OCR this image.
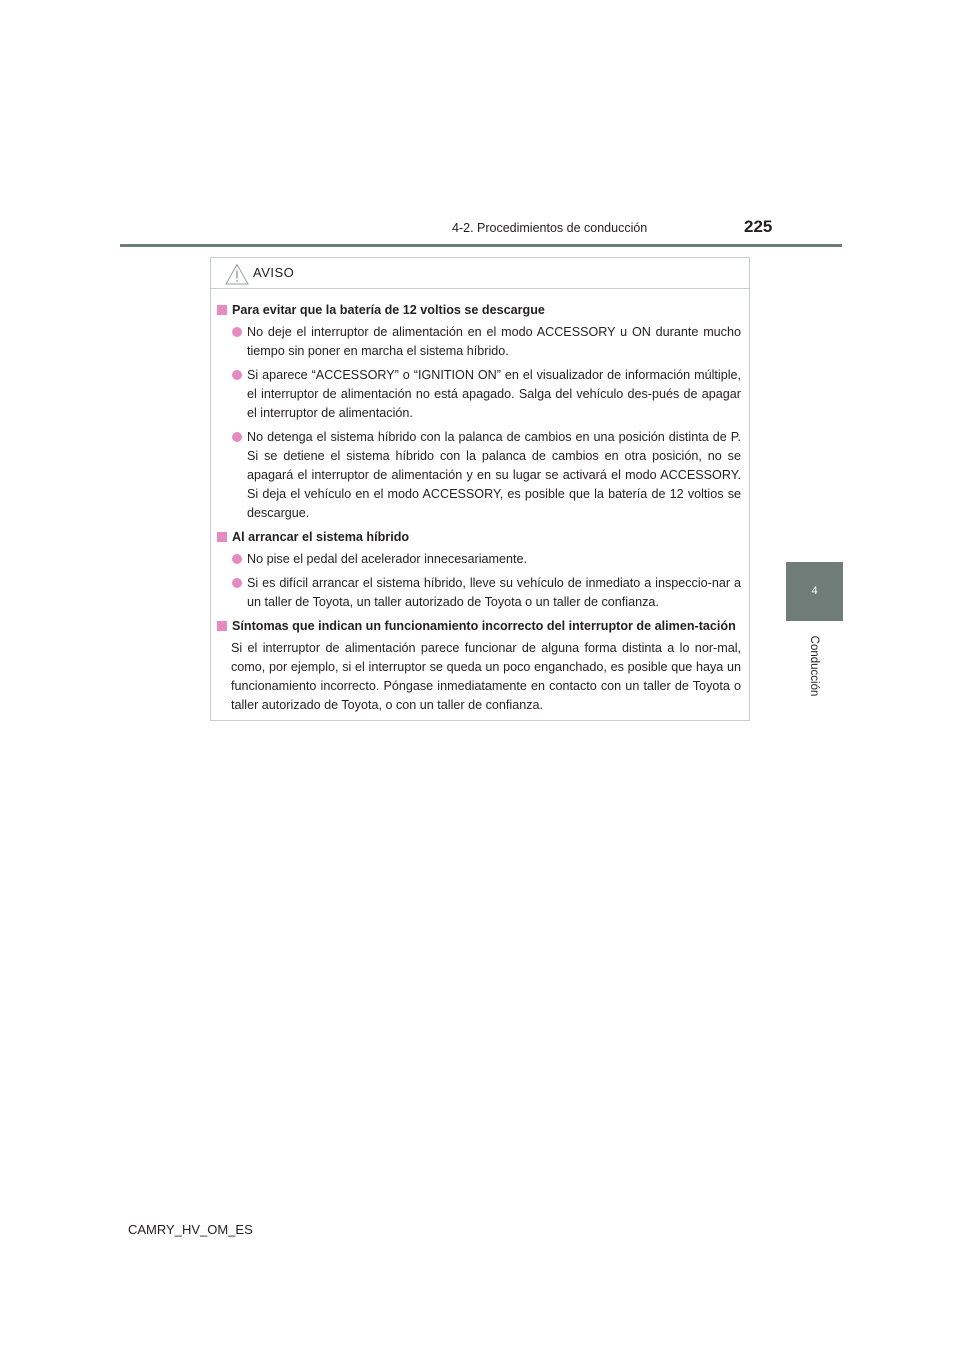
4-2. Procedimientos de conducción	225
4
Conducción
AVISO
Para evitar que la batería de 12 voltios se descargue
No deje el interruptor de alimentación en el modo ACCESSORY u ON durante mucho tiempo sin poner en marcha el sistema híbrido.
Si aparece “ACCESSORY” o “IGNITION ON” en el visualizador de información múltiple, el interruptor de alimentación no está apagado. Salga del vehículo des-pués de apagar el interruptor de alimentación.
No detenga el sistema híbrido con la palanca de cambios en una posición distinta de P. Si se detiene el sistema híbrido con la palanca de cambios en otra posición, no se apagará el interruptor de alimentación y en su lugar se activará el modo ACCESSORY. Si deja el vehículo en el modo ACCESSORY, es posible que la batería de 12 voltios se descargue.
Al arrancar el sistema híbrido
No pise el pedal del acelerador innecesariamente.
Si es difícil arrancar el sistema híbrido, lleve su vehículo de inmediato a inspeccio-nar a un taller de Toyota, un taller autorizado de Toyota o un taller de confianza.
Síntomas que indican un funcionamiento incorrecto del interruptor de alimen-tación
Si el interruptor de alimentación parece funcionar de alguna forma distinta a lo nor-mal, como, por ejemplo, si el interruptor se queda un poco enganchado, es posible que haya un funcionamiento incorrecto. Póngase inmediatamente en contacto con un taller de Toyota o taller autorizado de Toyota, o con un taller de confianza.
CAMRY_HV_OM_ES
